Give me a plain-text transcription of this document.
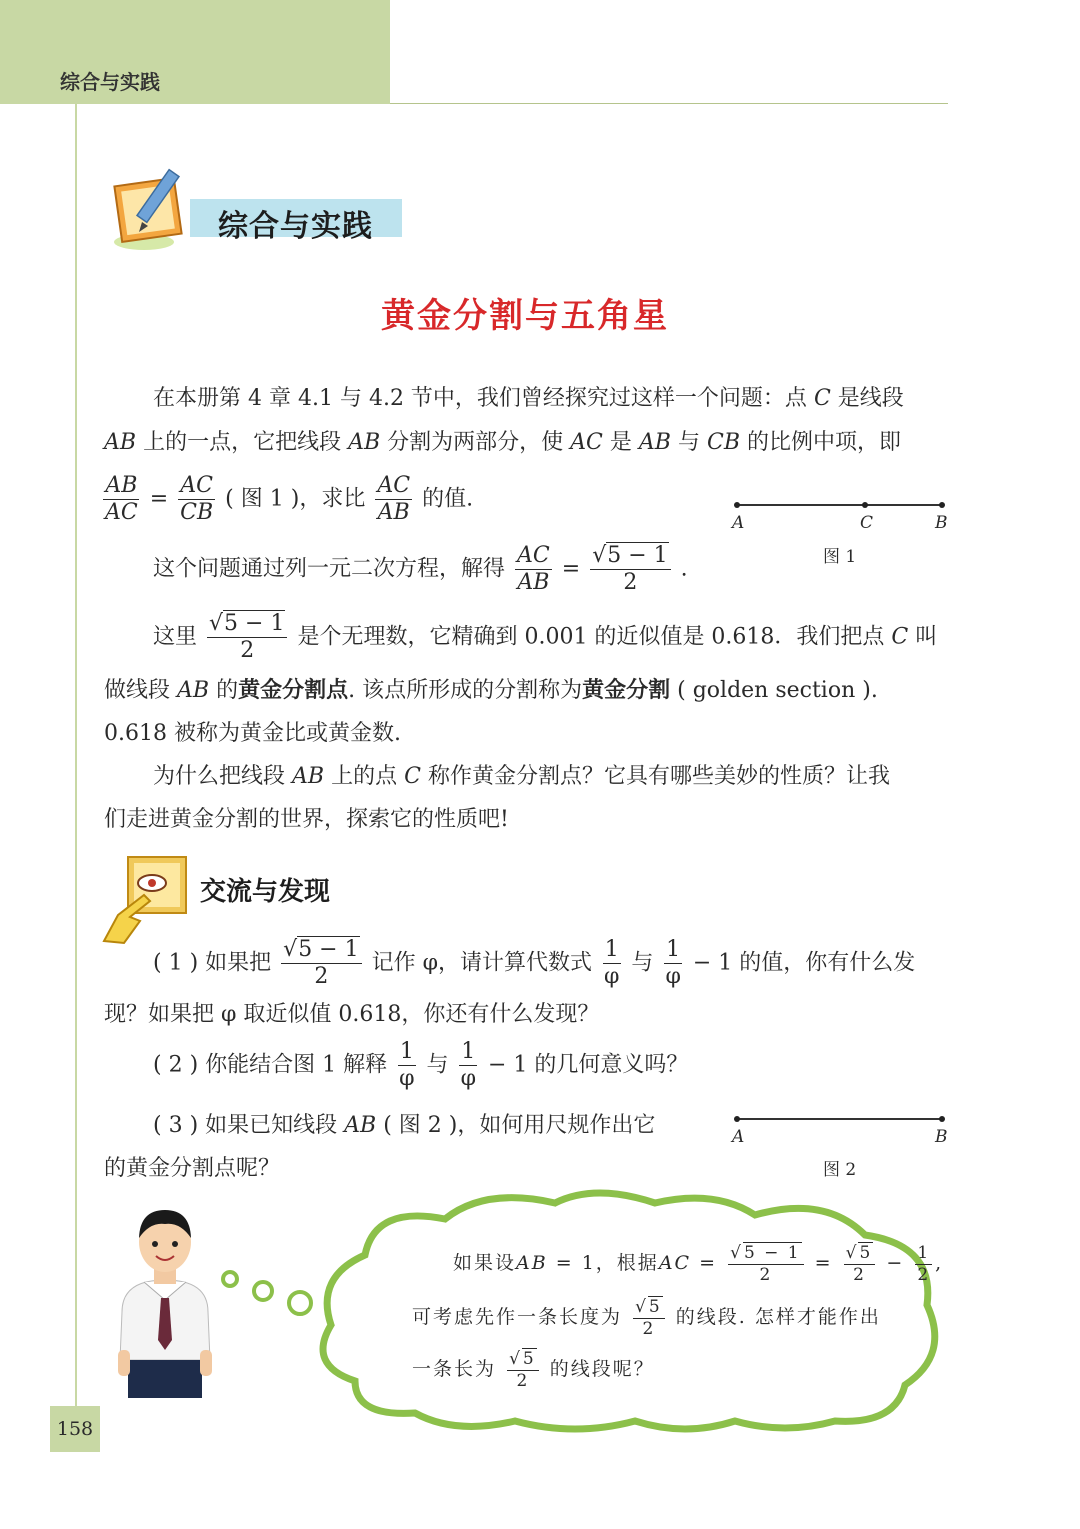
综合与实践
综合与实践
黄金分割与五角星
在本册第 4 章 4.1 与 4.2 节中，我们曾经探究过这样一个问题：点 C 是线段
AB 上的一点，它把线段 AB 分割为两部分，使 AC 是 AB 与 CB 的比例中项，即
$\frac{AB}{AC} = \frac{AC}{CB}$ ( 图 1 )，求比 $\frac{AC}{AB}$ 的值.
A	C	B
图 1
这个问题通过列一元二次方程，解得 $\frac{AC}{AB} = \frac{√5 - 1}{2}$ .
这里 $\frac{√5 - 1}{2}$ 是个无理数，它精确到 0.001 的近似值是 0.618．我们把点 C 叫
做线段 AB 的黄金分割点. 该点所形成的分割称为黄金分割 ( golden section ).
0.618 被称为黄金比或黄金数.
为什么把线段 AB 上的点 C 称作黄金分割点？它具有哪些美妙的性质？让我
们走进黄金分割的世界，探索它的性质吧!
交流与发现
( 1 ) 如果把 $\frac{√5 - 1}{2}$ 记作 φ，请计算代数式 $\frac{1}{\varphi}$ 与 $\frac{1}{\varphi} - 1$ 的值，你有什么发
现？如果把 φ 取近似值 0.618，你还有什么发现？
( 2 ) 你能结合图 1 解释 $\frac{1}{\varphi}$ 与 $\frac{1}{\varphi} - 1$ 的几何意义吗？
( 3 ) 如果已知线段 AB ( 图 2 )，如何用尺规作出它
的黄金分割点呢？
A	B
图 2
如果设AB = 1，根据AC = $\frac{√5 - 1}{2} = \frac{√5}{2} - \frac{1}{2}$ ,
可考虑先作一条长度为 $\frac{√5}{2}$ 的线段. 怎样才能作出
一条长为 $\frac{√5}{2}$ 的线段呢？
158
